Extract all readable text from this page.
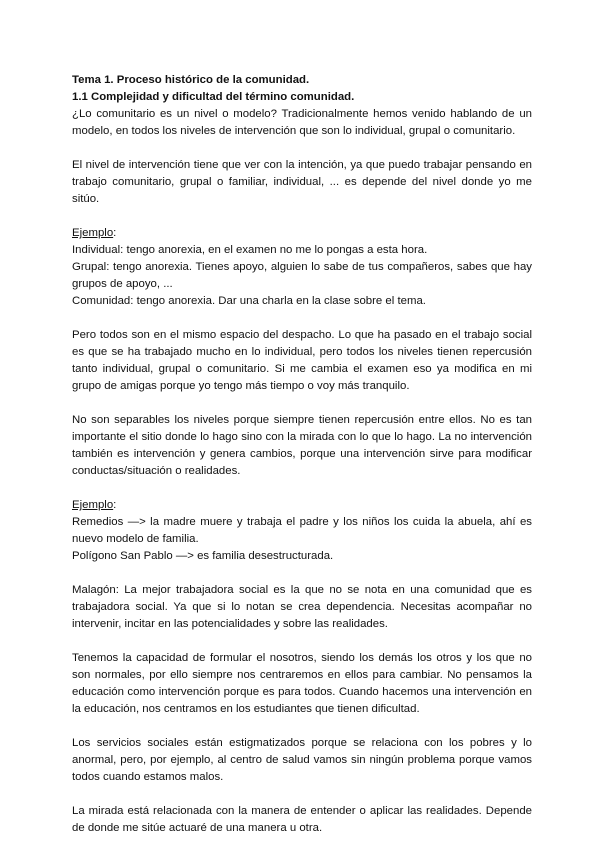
Tema 1. Proceso histórico de la comunidad.
1.1 Complejidad y dificultad del término comunidad.

¿Lo comunitario es un nivel o modelo? Tradicionalmente hemos venido hablando de un modelo, en todos los niveles de intervención que son lo individual, grupal o comunitario.

El nivel de intervención tiene que ver con la intención, ya que puedo trabajar pensando en trabajo comunitario, grupal o familiar, individual, ... es depende del nivel donde yo me sitúo.

Ejemplo:

Individual: tengo anorexia, en el examen no me lo pongas a esta hora.

Grupal: tengo anorexia. Tienes apoyo, alguien lo sabe de tus compañeros, sabes que hay grupos de apoyo, ...

Comunidad: tengo anorexia. Dar una charla en la clase sobre el tema.

Pero todos son en el mismo espacio del despacho. Lo que ha pasado en el trabajo social es que se ha trabajado mucho en lo individual, pero todos los niveles tienen repercusión tanto individual, grupal o comunitario. Si me cambia el examen eso ya modifica en mi grupo de amigas porque yo tengo más tiempo o voy más tranquilo.

No son separables los niveles porque siempre tienen repercusión entre ellos. No es tan importante el sitio donde lo hago sino con la mirada con lo que lo hago. La no intervención también es intervención y genera cambios, porque una intervención sirve para modificar conductas/situación o realidades.

Ejemplo:

Remedios —> la madre muere y trabaja el padre y los niños los cuida la abuela, ahí es nuevo modelo de familia.

Polígono San Pablo —> es familia desestructurada.

Malagón: La mejor trabajadora social es la que no se nota en una comunidad que es trabajadora social. Ya que si lo notan se crea dependencia. Necesitas acompañar no intervenir, incitar en las potencialidades y sobre las realidades.

Tenemos la capacidad de formular el nosotros, siendo los demás los otros y los que no son normales, por ello siempre nos centraremos en ellos para cambiar. No pensamos la educación como intervención porque es para todos. Cuando hacemos una intervención en la educación, nos centramos en los estudiantes que tienen dificultad.

Los servicios sociales están estigmatizados porque se relaciona con los pobres y lo anormal, pero, por ejemplo, al centro de salud vamos sin ningún problema porque vamos todos cuando estamos malos.

La mirada está relacionada con la manera de entender o aplicar las realidades. Depende de donde me sitúe actuaré de una manera u otra.
